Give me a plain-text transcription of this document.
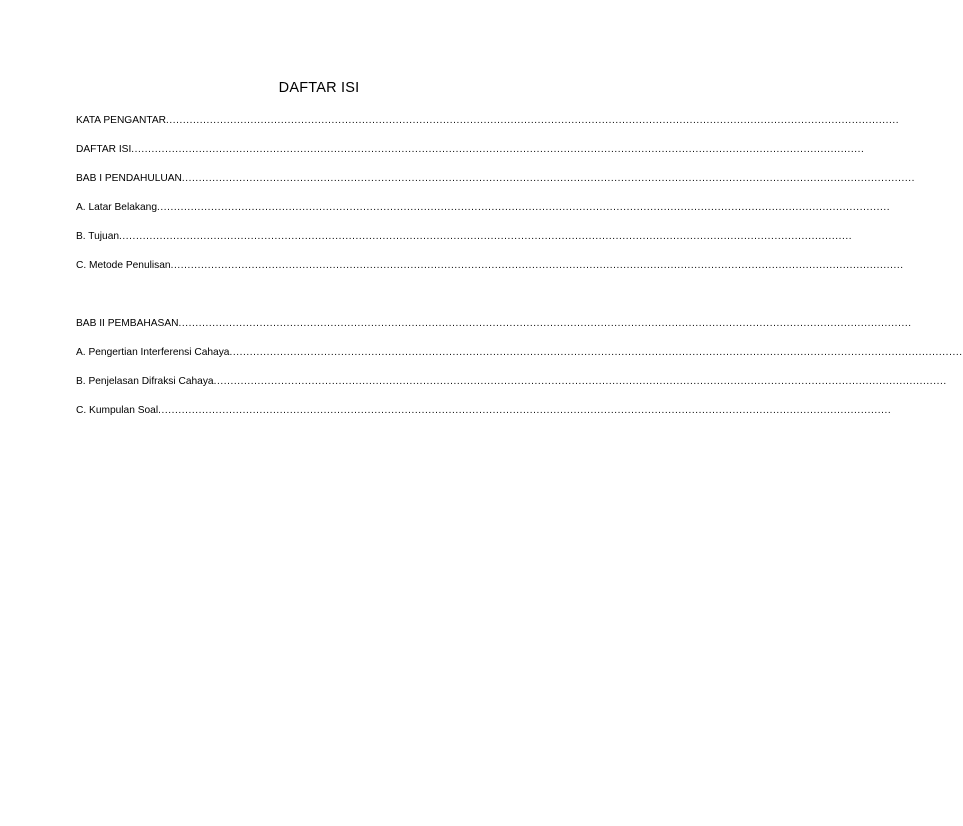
DAFTAR ISI
KATA PENGANTAR .........................................................................................................................................................................................................................
DAFTAR ISI .........................................................................................................................................................................................................................
BAB I PENDAHULUAN .........................................................................................................................................................................................................................
A. Latar Belakang .........................................................................................................................................................................................................................
B. Tujuan .........................................................................................................................................................................................................................
C. Metode Penulisan .........................................................................................................................................................................................................................
BAB II PEMBAHASAN .........................................................................................................................................................................................................................
A. Pengertian Interferensi Cahaya .........................................................................................................................................................................................................................
B. Penjelasan Difraksi Cahaya .........................................................................................................................................................................................................................
C. Kumpulan Soal .........................................................................................................................................................................................................................
